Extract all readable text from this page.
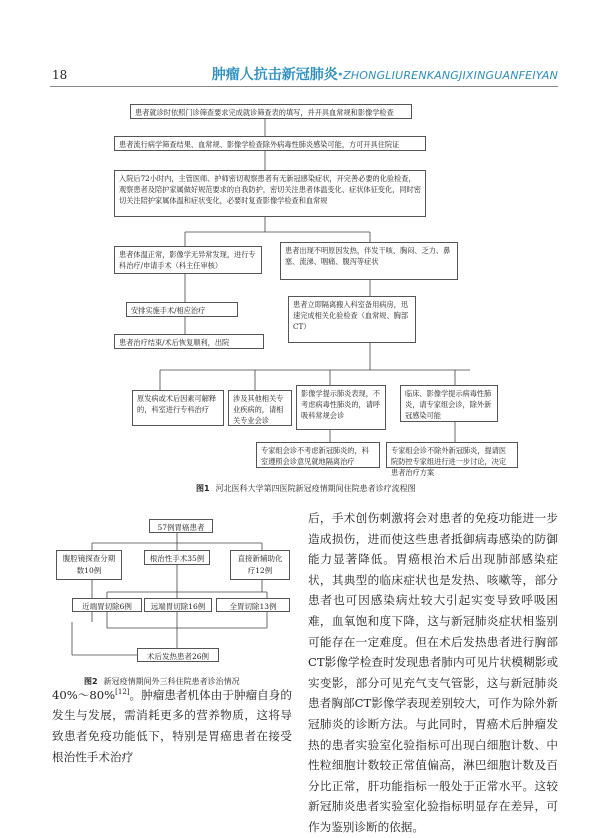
18	肿瘤人抗击新冠肺炎·ZHONGLIURENKANGJIXINGUANFEIYAN
患者就诊时依照门诊筛查要求完成就诊筛查表的填写，并开具血常规和影像学检查
患者流行病学筛查结果、血常规、影像学检查除外病毒性肺炎感染可能，方可开具住院证
入院后72小时内，主管医师、护师密切观察患者有无新冠感染症状，开完善必要的化验检查，观察患者及陪护家属做好规范要求的自我防护，密切关注患者体温变化、症状体征变化，同时密切关注陪护家属体温和症状变化，必要时复查影像学检查和血常规
患者体温正常，影像学无异常发现，进行专科治疗/申请手术（科主任审核）
患者出现不明原因发热，伴发干咳、胸闷、乏力、鼻塞、流涕、咽痛、腹泻等症状
安排实施手术/相应治疗
患者立即隔离搬入科室备用病房，迅速完成相关化验检查（血常规、胸部CT）
患者治疗结束/术后恢复顺利，出院
原发病或术后因素可解释的，科室进行专科治疗
涉及其他相关专业疾病的，请相关专业会诊
影像学提示肺炎表现，不考虑病毒性肺炎的，请呼吸科常规会诊
临床、影像学提示病毒性肺炎，请专家组会诊，除外新冠感染可能
专家组会诊不考虑新冠肺炎的，科室遵照会诊意见就地隔离治疗
专家组会诊不除外新冠肺炎，提请医院防控专家组进行进一步讨论，决定患者治疗方案
图1 河北医科大学第四医院新冠疫情期间住院患者诊疗流程图
57例胃癌患者
腹腔镜探查分期数10例
根治性手术35例	直接新辅助化疗12例
近端胃切除6例	远端胃切除16例	全胃切除13例
术后发热患者26例
图2 新冠疫情期间外三科住院患者诊治情况
后，手术创伤刺激将会对患者的免疫功能进一步造成损伤，进而使这些患者抵御病毒感染的防御能力显著降低。胃癌根治术后出现肺部感染症状，其典型的临床症状也是发热、咳嗽等，部分患者也可因感染病灶较大引起实变导致呼吸困难，血氧饱和度下降，这与新冠肺炎症状相鉴别可能存在一定难度。但在术后发热患者进行胸部CT影像学检查时发现患者肺内可见片状模糊影或实变影，部分可见充气支气管影，这与新冠肺炎患者胸部CT影像学表现差别较大，可作为除外新冠肺炎的诊断方法。与此同时，胃癌术后肿瘤发热的患者实验室化验指标可出现白细胞计数、中性粒细胞计数较正常值偏高，淋巴细胞计数及百分比正常，肝功能指标一般处于正常水平。这较新冠肺炎患者实验室化验指标明显存在差异，可作为鉴别诊断的依据。
40%～80%[12]。肿瘤患者机体由于肿瘤自身的发生与发展，需消耗更多的营养物质，这将导致患者免疫功能低下，特别是胃癌患者在接受根治性手术治疗
